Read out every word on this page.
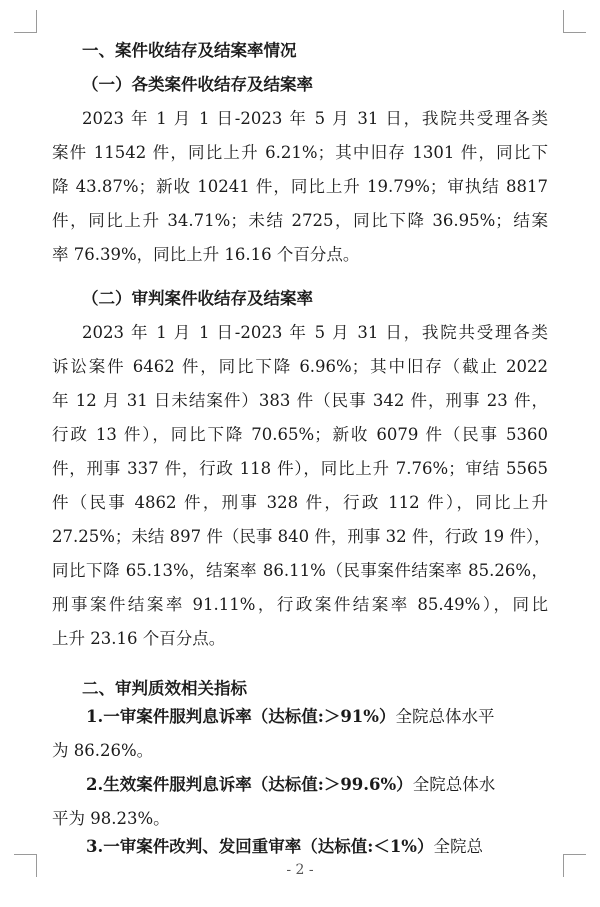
一、案件收结存及结案率情况
（一）各类案件收结存及结案率
2023 年 1 月 1 日-2023 年 5 月 31 日，我院共受理各类
案件 11542 件，同比上升 6.21%；其中旧存 1301 件，同比下
降 43.87%；新收 10241 件，同比上升 19.79%；审执结 8817
件，同比上升 34.71%；未结 2725，同比下降 36.95%；结案
率 76.39%，同比上升 16.16 个百分点。
（二）审判案件收结存及结案率
2023 年 1 月 1 日-2023 年 5 月 31 日，我院共受理各类
诉讼案件 6462 件，同比下降 6.96%；其中旧存（截止 2022
年 12 月 31 日未结案件）383 件（民事 342 件，刑事 23 件，
行政 13 件），同比下降 70.65%；新收 6079 件（民事 5360
件，刑事 337 件，行政 118 件），同比上升 7.76%；审结 5565
件（民事 4862 件，刑事 328 件，行政 112 件），同比上升
27.25%；未结 897 件（民事 840 件，刑事 32 件，行政 19 件），
同比下降 65.13%，结案率 86.11%（民事案件结案率 85.26%，
刑事案件结案率 91.11%，行政案件结案率 85.49%），同比
上升 23.16 个百分点。
二、审判质效相关指标
1.一审案件服判息诉率（达标值:＞91%）全院总体水平
为 86.26%。
2.生效案件服判息诉率（达标值:＞99.6%）全院总体水
平为 98.23%。
3.一审案件改判、发回重审率（达标值:＜1%）全院总
- 2 -
